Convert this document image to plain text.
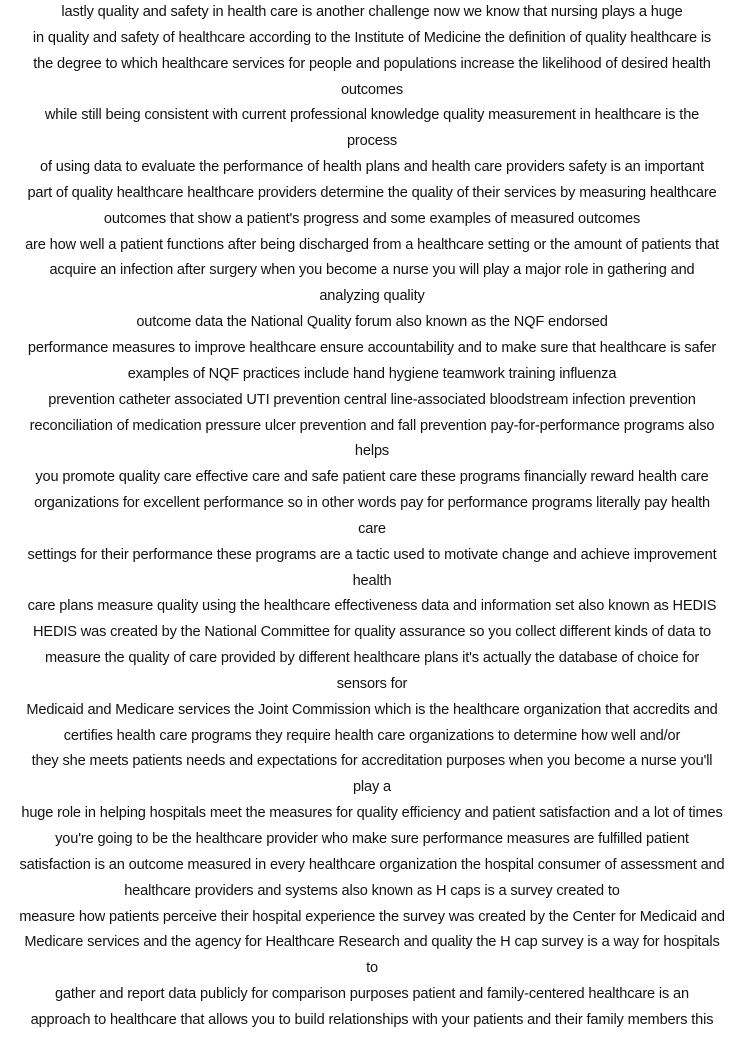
lastly quality and safety in health care is another challenge now we know that nursing plays a huge
in quality and safety of healthcare according to the Institute of Medicine the definition of quality healthcare is
the degree to which healthcare services for people and populations increase the likelihood of desired health
outcomes
while still being consistent with current professional knowledge quality measurement in healthcare is the
process
of using data to evaluate the performance of health plans and health care providers safety is an important
part of quality healthcare healthcare providers determine the quality of their services by measuring healthcare
outcomes that show a patient's progress and some examples of measured outcomes
are how well a patient functions after being discharged from a healthcare setting or the amount of patients that
acquire an infection after surgery when you become a nurse you will play a major role in gathering and
analyzing quality
outcome data the National Quality forum also known as the NQF endorsed
performance measures to improve healthcare ensure accountability and to make sure that healthcare is safer
examples of NQF practices include hand hygiene teamwork training influenza
prevention catheter associated UTI prevention central line-associated bloodstream infection prevention
reconciliation of medication pressure ulcer prevention and fall prevention pay-for-performance programs also
helps
you promote quality care effective care and safe patient care these programs financially reward health care
organizations for excellent performance so in other words pay for performance programs literally pay health
care
settings for their performance these programs are a tactic used to motivate change and achieve improvement
health
care plans measure quality using the healthcare effectiveness data and information set also known as HEDIS
HEDIS was created by the National Committee for quality assurance so you collect different kinds of data to
measure the quality of care provided by different healthcare plans it's actually the database of choice for
sensors for
Medicaid and Medicare services the Joint Commission which is the healthcare organization that accredits and
certifies health care programs they require health care organizations to determine how well and/or
they she meets patients needs and expectations for accreditation purposes when you become a nurse you'll
play a
huge role in helping hospitals meet the measures for quality efficiency and patient satisfaction and a lot of times
you're going to be the healthcare provider who make sure performance measures are fulfilled patient
satisfaction is an outcome measured in every healthcare organization the hospital consumer of assessment and
healthcare providers and systems also known as H caps is a survey created to
measure how patients perceive their hospital experience the survey was created by the Center for Medicaid and
Medicare services and the agency for Healthcare Research and quality the H cap survey is a way for hospitals
to
gather and report data publicly for comparison purposes patient and family-centered healthcare is an
approach to healthcare that allows you to build relationships with your patients and their family members this
